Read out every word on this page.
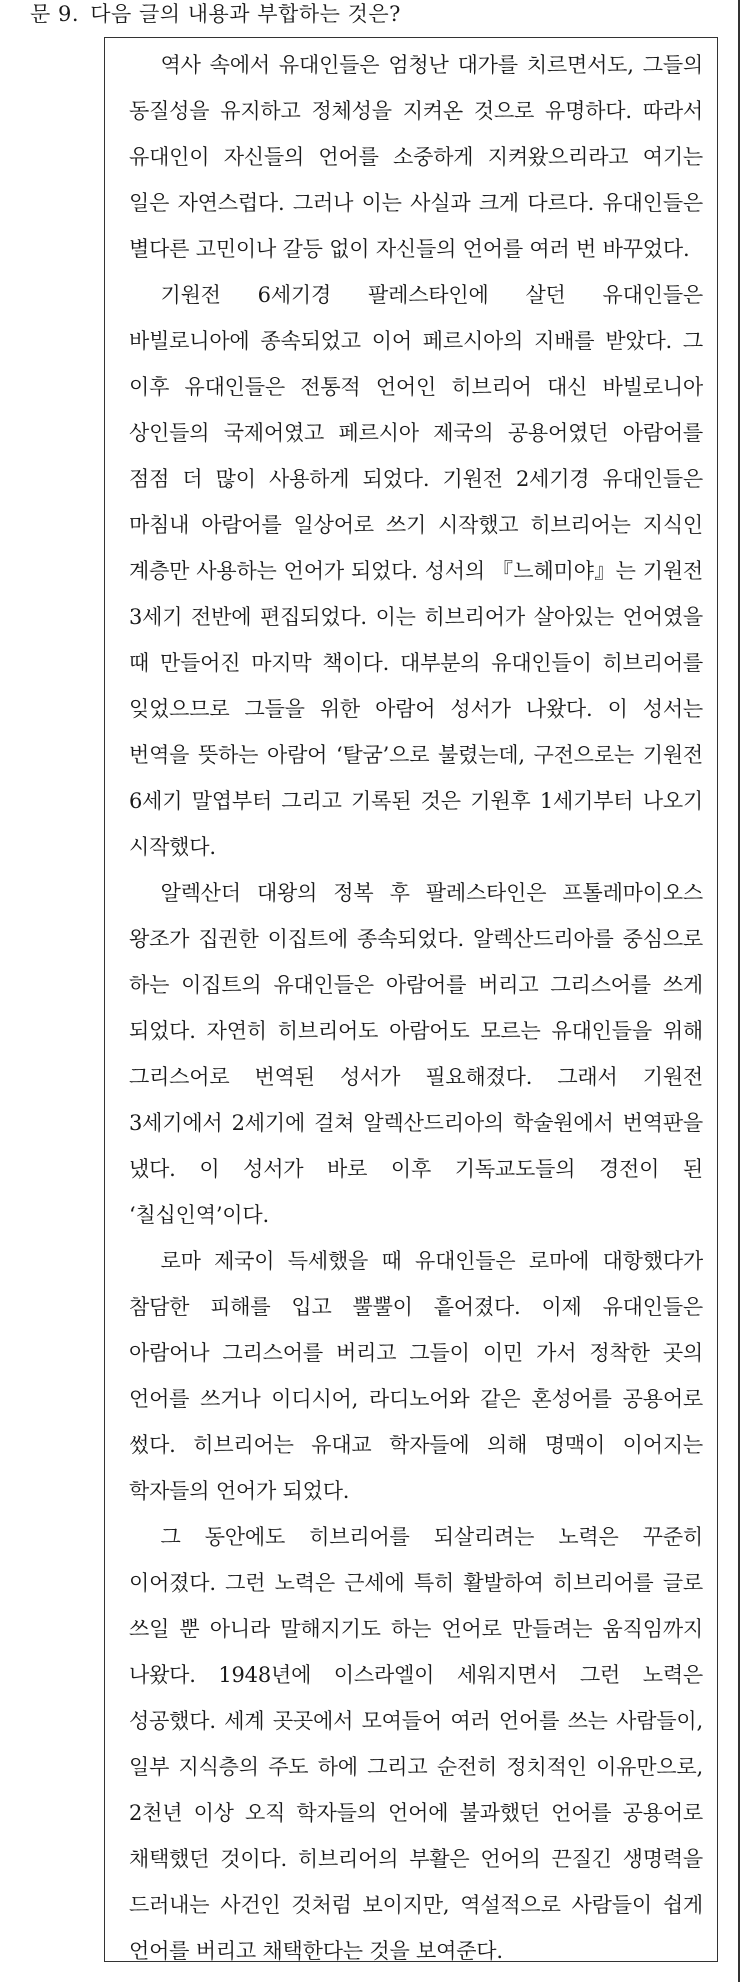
문 9. 다음 글의 내용과 부합하는 것은?

역사 속에서 유대인들은 엄청난 대가를 치르면서도, 그들의 동질성을 유지하고 정체성을 지켜온 것으로 유명하다. 따라서 유대인이 자신들의 언어를 소중하게 지켜왔으리라고 여기는 일은 자연스럽다. 그러나 이는 사실과 크게 다르다. 유대인들은 별다른 고민이나 갈등 없이 자신들의 언어를 여러 번 바꾸었다.

기원전 6세기경 팔레스타인에 살던 유대인들은 바빌로니아에 종속되었고 이어 페르시아의 지배를 받았다. 그 이후 유대인들은 전통적 언어인 히브리어 대신 바빌로니아 상인들의 국제어였고 페르시아 제국의 공용어였던 아람어를 점점 더 많이 사용하게 되었다. 기원전 2세기경 유대인들은 마침내 아람어를 일상어로 쓰기 시작했고 히브리어는 지식인 계층만 사용하는 언어가 되었다. 성서의 『느헤미야』는 기원전 3세기 전반에 편집되었다. 이는 히브리어가 살아있는 언어였을 때 만들어진 마지막 책이다. 대부분의 유대인들이 히브리어를 잊었으므로 그들을 위한 아람어 성서가 나왔다. 이 성서는 번역을 뜻하는 아람어 ‘탈굼’으로 불렸는데, 구전으로는 기원전 6세기 말엽부터 그리고 기록된 것은 기원후 1세기부터 나오기 시작했다.

알렉산더 대왕의 정복 후 팔레스타인은 프톨레마이오스 왕조가 집권한 이집트에 종속되었다. 알렉산드리아를 중심으로 하는 이집트의 유대인들은 아람어를 버리고 그리스어를 쓰게 되었다. 자연히 히브리어도 아람어도 모르는 유대인들을 위해 그리스어로 번역된 성서가 필요해졌다. 그래서 기원전 3세기에서 2세기에 걸쳐 알렉산드리아의 학술원에서 번역판을 냈다. 이 성서가 바로 이후 기독교도들의 경전이 된 ‘칠십인역’이다.

로마 제국이 득세했을 때 유대인들은 로마에 대항했다가 참담한 피해를 입고 뿔뿔이 흩어졌다. 이제 유대인들은 아람어나 그리스어를 버리고 그들이 이민 가서 정착한 곳의 언어를 쓰거나 이디시어, 라디노어와 같은 혼성어를 공용어로 썼다. 히브리어는 유대교 학자들에 의해 명맥이 이어지는 학자들의 언어가 되었다.

그 동안에도 히브리어를 되살리려는 노력은 꾸준히 이어졌다. 그런 노력은 근세에 특히 활발하여 히브리어를 글로 쓰일 뿐 아니라 말해지기도 하는 언어로 만들려는 움직임까지 나왔다. 1948년에 이스라엘이 세워지면서 그런 노력은 성공했다. 세계 곳곳에서 모여들어 여러 언어를 쓰는 사람들이, 일부 지식층의 주도 하에 그리고 순전히 정치적인 이유만으로, 2천년 이상 오직 학자들의 언어에 불과했던 언어를 공용어로 채택했던 것이다. 히브리어의 부활은 언어의 끈질긴 생명력을 드러내는 사건인 것처럼 보이지만, 역설적으로 사람들이 쉽게 언어를 버리고 채택한다는 것을 보여준다.
